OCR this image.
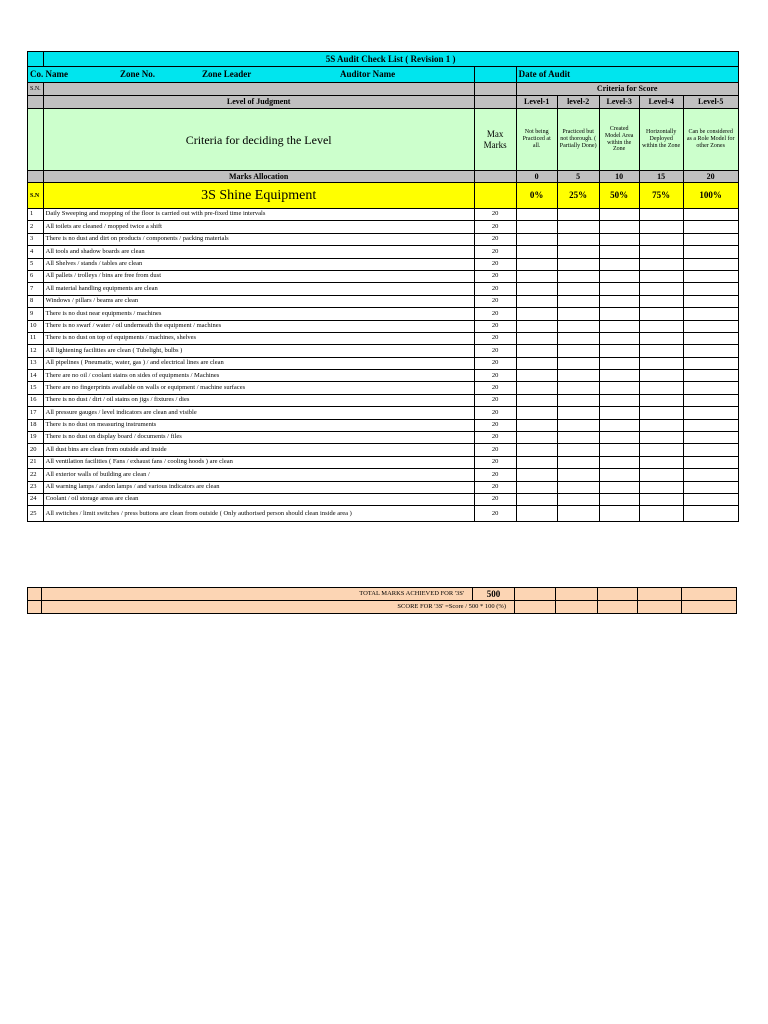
	5S Audit Check List ( Revision 1 )						

Co. Name Zone No. Zone Leader Auditor Name			Date of Audit				
S.N.			Criteria for Score				
	Level of Judgment		Level-1	level-2	Level-3	Level-4	Level-5
	Criteria for deciding the Level	Max Marks	Not being Practiced at all.	Practiced but not thorough. ( Partially Done)	Created Model Area within the Zone	Horizontally Deployed within the Zone	Can be considered as a Role Model for other Zones
	Marks Allocation		0	5	10	15	20
S.N	3S Shine Equipment		0%	25%	50%	75%	100%
1	Daily Sweeping and mopping of the floor is carried out with pre-fixed time intervals	20					
2	All toilets are cleaned / mopped twice a shift	20					
3	There is no dust and dirt on products / components / packing materials	20					
4	All tools and shadow boards are clean	20					
5	All Shelves / stands / tables are clean	20					
6	All pallets / trolleys / bins are free from dust	20					
7	All material handling equipments are clean	20					
8	Windows / pillars / beams are clean	20					
9	There is no dust near equipments / machines	20					
10	There is no swarf / water / oil underneath the equipment / machines	20					
11	There is no dust on top of equipments / machines, shelves	20					
12	All lightening facilities are clean ( Tubelight, bulbs )	20					
13	All pipelines ( Pneumatic, water, gas ) / and electrical lines are clean	20					
14	There are no oil / coolant stains on sides of equipments / Machines	20					
15	There are no fingerprints available on walls or equipment / machine surfaces	20					
16	There is no dust / dirt / oil stains on jigs / fixtures / dies	20					
17	All pressure gauges / level indicators are clean and visible	20					
18	There is no dust on measuring instruments	20					
19	There is no dust on display board / documents / files	20					
20	All dust bins are clean from outside and inside	20					
21	All ventilation facilities ( Fans / exhaust fans / cooling hoods ) are clean	20					
22	All exterior walls of building are clean /	20					
23	All warning lamps / andon lamps / and various indicators are clean	20					
24	Coolant / oil storage areas are clean	20					
25	All switches / limit switches / press buttons are clean from outside ( Only authorised person should clean inside area )	20					
	TOTAL MARKS ACHIEVED FOR '3S'	500					
	SCORE FOR '3S' =Score / 500 * 100 (%)						
